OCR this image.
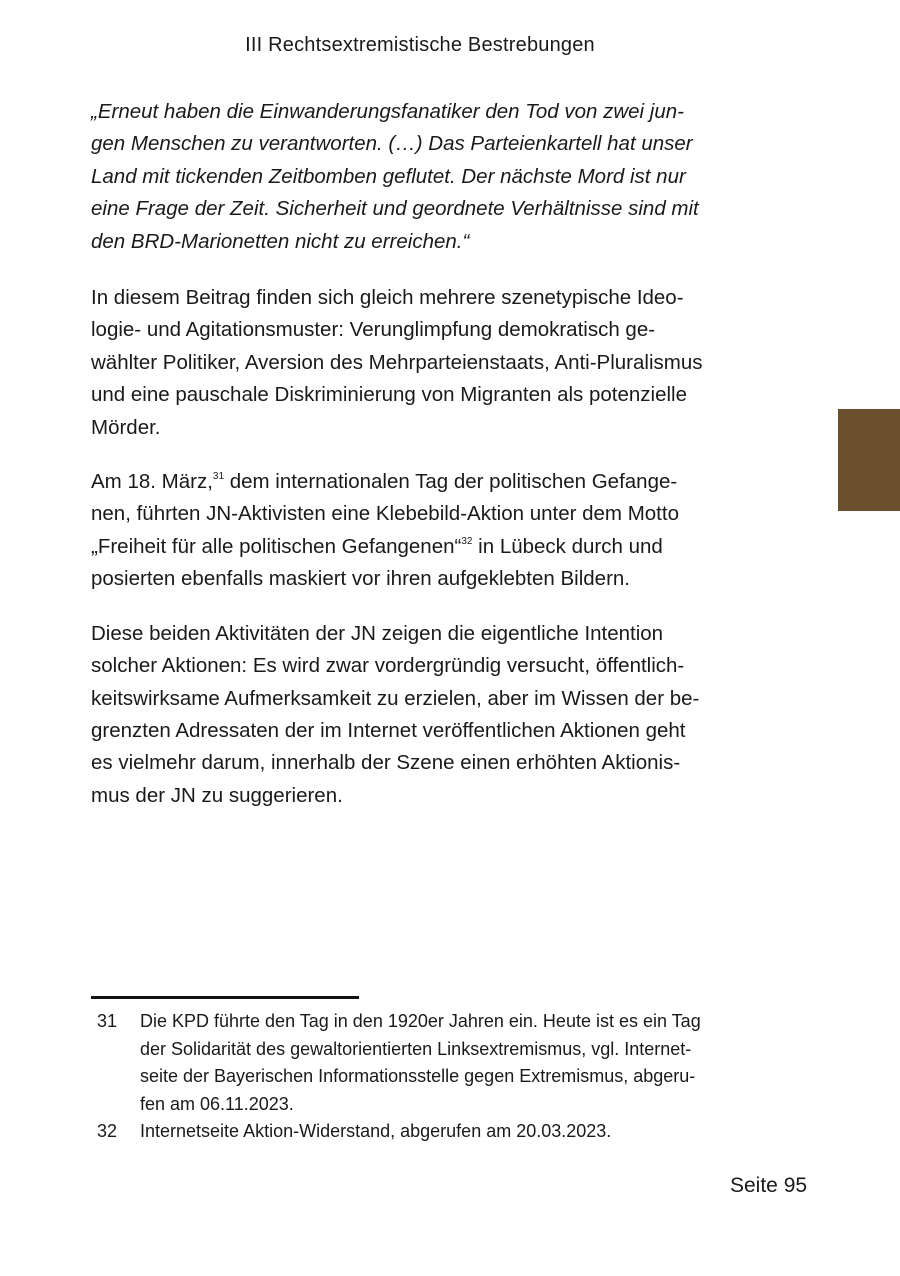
III Rechtsextremistische Bestrebungen
„Erneut haben die Einwanderungsfanatiker den Tod von zwei jun-
gen Menschen zu verantworten. (…) Das Parteienkartell hat unser
Land mit tickenden Zeitbomben geflutet. Der nächste Mord ist nur
eine Frage der Zeit. Sicherheit und geordnete Verhältnisse sind mit
den BRD-Marionetten nicht zu erreichen.“
In diesem Beitrag finden sich gleich mehrere szenetypische Ideo-
logie- und Agitationsmuster: Verunglimpfung demokratisch ge-
wählter Politiker, Aversion des Mehrparteienstaats, Anti-Pluralismus
und eine pauschale Diskriminierung von Migranten als potenzielle
Mörder.
Am 18. März,$^{31}$ dem internationalen Tag der politischen Gefange-
nen, führten JN-Aktivisten eine Klebebild-Aktion unter dem Motto
„Freiheit für alle politischen Gefangenen“$^{32}$ in Lübeck durch und
posierten ebenfalls maskiert vor ihren aufgeklebten Bildern.
Diese beiden Aktivitäten der JN zeigen die eigentliche Intention
solcher Aktionen: Es wird zwar vordergründig versucht, öffentlich-
keitswirksame Aufmerksamkeit zu erzielen, aber im Wissen der be-
grenzten Adressaten der im Internet veröffentlichen Aktionen geht
es vielmehr darum, innerhalb der Szene einen erhöhten Aktionis-
mus der JN zu suggerieren.
31	Die KPD führte den Tag in den 1920er Jahren ein. Heute ist es ein Tag
der Solidarität des gewaltorientierten Linksextremismus, vgl. Internet-
seite der Bayerischen Informationsstelle gegen Extremismus, abgeru-
fen am 06.11.2023.
32	Internetseite Aktion-Widerstand, abgerufen am 20.03.2023.
Seite 95
